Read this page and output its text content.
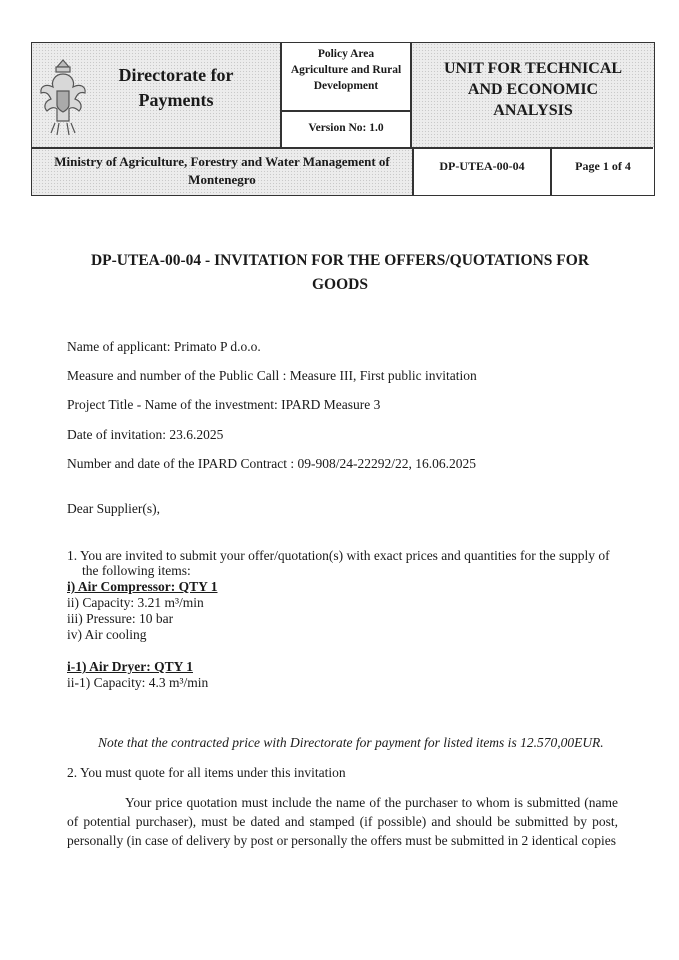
Directorate for
Payments
Policy Area
Agriculture and Rural
Development
Version No: 1.0
UNIT FOR TECHNICAL
AND ECONOMIC
ANALYSIS
Ministry of Agriculture, Forestry and Water Management of
Montenegro
DP-UTEA-00-04	Page 1 of 4
DP-UTEA-00-04 - INVITATION FOR THE OFFERS/QUOTATIONS FOR
GOODS
Name of applicant: Primato P d.o.o.
Measure and number of the Public Call : Measure III, First public invitation
Project Title - Name of the investment: IPARD Measure 3
Date of invitation: 23.6.2025
Number and date of the IPARD Contract : 09-908/24-22292/22, 16.06.2025
Dear Supplier(s),
1. You are invited to submit your offer/quotation(s) with exact prices and quantities for the supply of
the following items:
i) Air Compressor: QTY 1
ii) Capacity: 3.21 m³/min
iii) Pressure: 10 bar
iv) Air cooling
i-1) Air Dryer: QTY 1
ii-1) Capacity: 4.3 m³/min
Note that the contracted price with Directorate for payment for listed items is 12.570,00EUR.
2. You must quote for all items under this invitation
Your price quotation must include the name of the purchaser to whom is submitted (name of potential purchaser), must be dated and stamped (if possible) and should be submitted by post, personally (in case of delivery by post or personally the offers must be submitted in 2 identical copies
